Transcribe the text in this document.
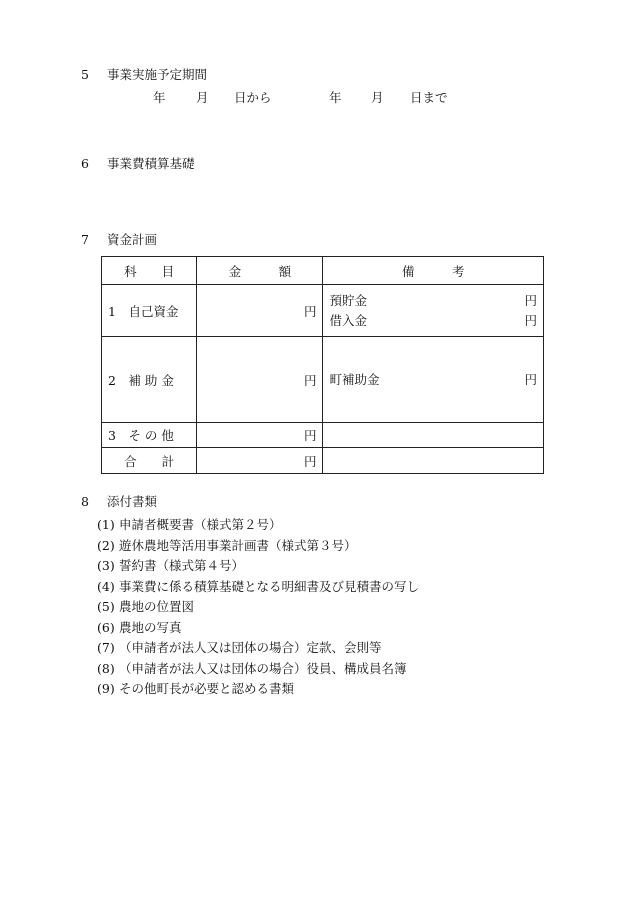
5 事業実施予定期間
年 月 日から	年 月 日まで
6 事業費積算基礎
7 資金計画
科　　目	金　　　額	備　　　考
1　自己資金	円	預貯金 円
借入金 円

2　補 助 金	円	町補助金 円

3　そ の 他	円	
合　　計	円	
8 添付書類
(1) 申請者概要書（様式第２号）
(2) 遊休農地等活用事業計画書（様式第３号）
(3) 誓約書（様式第４号）
(4) 事業費に係る積算基礎となる明細書及び見積書の写し
(5) 農地の位置図
(6) 農地の写真
(7) （申請者が法人又は団体の場合）定款、会則等
(8) （申請者が法人又は団体の場合）役員、構成員名簿
(9) その他町長が必要と認める書類
